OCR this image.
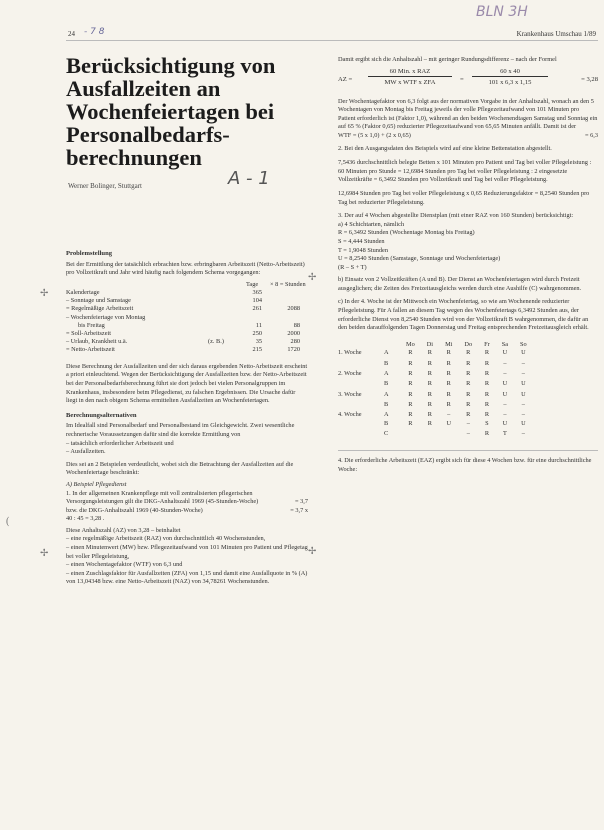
24 - 7 8
BLN 3H
Krankenhaus Umschau 1/89
Berücksichtigung von Ausfallzeiten an Wochenfeiertagen bei Personalbedarfs-berechnungen
Werner Bolinger, Stuttgart	A - 1
✢
(
✢
Problemstellung

Bei der Ermittlung der tatsächlich erbrachten bzw. erbringbaren Arbeitszeit (Netto-Arbeitszeit) pro Vollzeitkraft und Jahr wird häufig nach folgendem Schema vorgegangen:

Tage × 8 = Stunden
Kalendertage	365
– Sonntage und Samstage	104
= Regelmäßige Arbeitszeit	261	2088
– Wochenfeiertage von Montag
bis Freitag	11	88
= Soll-Arbeitszeit	250	2000
– Urlaub, Krankheit u.ä.	(z. B.)	35	280
= Netto-Arbeitszeit	215	1720

Diese Berechnung der Ausfallzeiten und der sich daraus ergebenden Netto-Arbeitszeit erscheint a priori einleuchtend. Wegen der Berücksichtigung der Ausfallzeiten bzw. der Netto-Arbeitszeit bei der Personalbedarfsberechnung führt sie dort jedoch bei vielen Personalgruppen im Krankenhaus, insbesondere beim Pflegedienst, zu falschen Ergebnissen. Die Ursache dafür liegt in den nach obigem Schema ermittelten Ausfallzeiten an Wochenfeiertagen.

Berechnungsalternativen

Im Idealfall sind Personalbedarf und Personalbestand im Gleichgewicht. Zwei wesentliche rechnerische Voraussetzungen dafür sind die korrekte Ermittlung von

– tatsächlich erforderlicher Arbeitszeit und
– Ausfallzeiten.

Dies sei an 2 Beispielen verdeutlicht, wobei sich die Betrachtung der Ausfallzeiten auf die Wochenfeiertage beschränkt:

A) Beispiel Pflegedienst

1. In der allgemeinen Krankenpflege mit voll zentralisierten pflegerischen Versorgungsleistungen gilt die DKG-Anhaltszahl 1969 (45-Stunden-Woche)	= 3,7

bzw. die DKG-Anhaltszahl 1969 (40-Stunden-Woche)	= 3,7 x

40 : 45 = 3,28 .

Diese Anhaltszahl (AZ) von 3,28 – beinhaltet

– eine regelmäßige Arbeitszeit (RAZ) von durchschnittlich 40 Wochenstunden,
– einen Minutenwert (MW) bzw. Pflegezeitaufwand von 101 Minuten pro Patient und Pflegetag bei voller Pflegeleistung,
– einen Wochentagefaktor (WTF) von 6,3 und
– einen Zuschlagsfaktor für Ausfallzeiten (ZFA) von 1,15 und damit eine Ausfallquote in % (A) von 13,04348 bzw. eine Netto-Arbeitszeit (NAZ) von 34,78261 Wochenstunden.

Damit ergibt sich die Anhaltszahl – mit geringer Rundungsdifferenz – nach der Formel

AZ =
60 Min. x RAZ
MW x WTF x ZFA	=
60 x 40
101 x 6,3 x 1,15	= 3,28

Der Wochentagefaktor von 6,3 folgt aus der normativen Vorgabe in der Anhaltszahl, wonach an den 5 Wochentagen von Montag bis Freitag jeweils der volle Pflegezeitaufwand von 101 Minuten pro Patient erforderlich ist (Faktor 1,0), während an den beiden Wochenendtagen Samstag und Sonntag ein auf 65 % (Faktor 0,65) reduzierter Pflegezeitaufwand von 65,65 Minuten anfällt. Damit ist der

WTF = (5 x 1,0) + (2 x 0,65)	= 6,3

2. Bei den Ausgangsdaten des Beispiels wird auf eine kleine Bettenstation abgestellt.

7,5436 durchschnittlich belegte Betten x 101 Minuten pro Patient und Tag bei voller Pflegeleistung : 60 Minuten pro Stunde = 12,6984 Stunden pro Tag bei voller Pflegeleistung : 2 eingesetzte Vollzeitkräfte = 6,3492 Stunden pro Vollzeitkraft und Tag bei voller Pflegeleistung.

12,6984 Stunden pro Tag bei voller Pflegeleistung x 0,65 Reduzierungsfaktor = 8,2540 Stunden pro Tag bei reduzierter Pflegeleistung.

3. Der auf 4 Wochen abgestellte Dienstplan (mit einer RAZ von 160 Stunden) berücksichtigt:

a) 4 Schichtarten, nämlich
R = 6,3492 Stunden (Wochentage Montag bis Freitag)
S = 4,444 Stunden
T = 1,9048 Stunden
U = 8,2540 Stunden (Samstage, Sonntage und Wochenfeiertage)
(R – S + T)

b) Einsatz von 2 Vollzeitkräften (A und B). Der Dienst an Wochenfeiertagen wird durch Freizeit ausgeglichen; die Zeiten des Freizeitausgleichs werden durch eine Aushilfe (C) wahrgenommen.

c) In der 4. Woche ist der Mittwoch ein Wochenfeiertag, so wie am Wochenende reduzierter Pflegeleistung. Für A fallen an diesem Tag wegen des Wochenfeiertags 6,3492 Stunden aus, der erforderliche Dienst von 8,2540 Stunden wird von der Vollzeitkraft B wahrgenommen, die dafür an den beiden darauffolgenden Tagen Donnerstag und Freitag entsprechenden Freizeitausgleich erhält.

		Mo	Di	Mi	Do	Fr	Sa	So
1. Woche	A	R	R	R	R	R	U	U
	B	R	R	R	R	R	–	–
2. Woche	A	R	R	R	R	R	–	–
	B	R	R	R	R	R	U	U
3. Woche	A	R	R	R	R	R	U	U
	B	R	R	R	R	R	–	–
4. Woche	A	R	R	–	R	R	–	–
	B	R	R	U	–	S	U	U
	C				–	R	T	–

4. Die erforderliche Arbeitszeit (EAZ) ergibt sich für diese 4 Wochen bzw. für eine durchschnittliche Woche:

✢
✢
